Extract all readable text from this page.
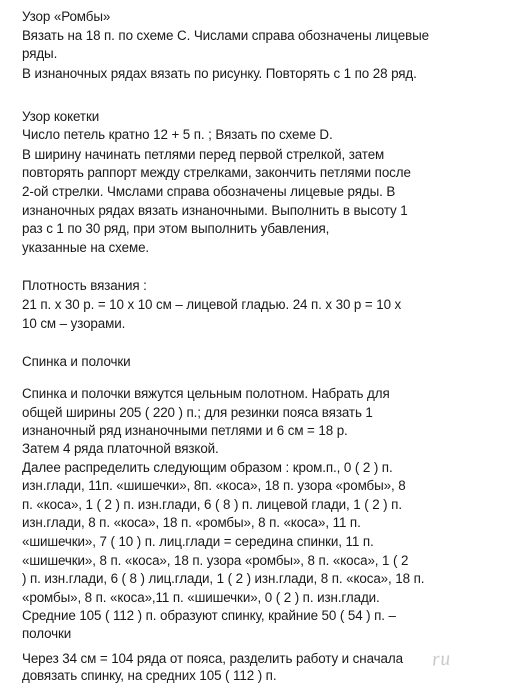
Узор «Ромбы»
Вязать на 18 п. по схеме С. Числами справа обозначены лицевые
ряды.
В изнаночных рядах вязать по рисунку. Повторять с 1 по 28 ряд.
Узор кокетки
Число петель кратно 12 + 5 п. ; Вязать по схеме D.
В ширину начинать петлями перед первой стрелкой, затем
повторять раппорт между стрелками, закончить петлями после
2-ой стрелки. Чмслами справа обозначены лицевые ряды. В
изнаночных рядах вязать изнаночными. Выполнить в высоту 1
раз с 1 по 30 ряд, при этом выполнить убавления,
указанные на схеме.
Плотность вязания :
21 п. х 30 р. = 10 х 10 см – лицевой гладью. 24 п. х 30 р = 10 х
10 см – узорами.
Спинка и полочки
Спинка и полочки вяжутся цельным полотном. Набрать для
общей ширины 205 ( 220 ) п.; для резинки пояса вязать 1
изнаночный ряд изнаночными петлями и 6 см = 18 р.
Затем 4 ряда платочной вязкой.
Далее распределить следующим образом : кром.п., 0 ( 2 ) п.
изн.глади, 11п. «шишечки», 8п. «коса», 18 п. узора «ромбы», 8
п. «коса», 1 ( 2 ) п. изн.глади, 6 ( 8 ) п. лицевой глади, 1 ( 2 ) п.
изн.глади, 8 п. «коса», 18 п. «ромбы», 8 п. «коса», 11 п.
«шишечки», 7 ( 10 ) п. лиц.глади = середина спинки, 11 п.
«шишечки», 8 п. «коса», 18 п. узора «ромбы», 8 п. «коса», 1 ( 2
) п. изн.глади, 6 ( 8 ) лиц.глади, 1 ( 2 ) изн.глади, 8 п. «коса», 18 п.
«ромбы», 8 п. «коса»,11 п. «шишечки», 0 ( 2 ) п. изн.глади.
Средние 105 ( 112 ) п. образуют спинку, крайние 50 ( 54 ) п. –
полочки
Через 34 см = 104 ряда от пояса, разделить работу и сначала
довязать спинку, на средних 105 ( 112 ) п.
ru
